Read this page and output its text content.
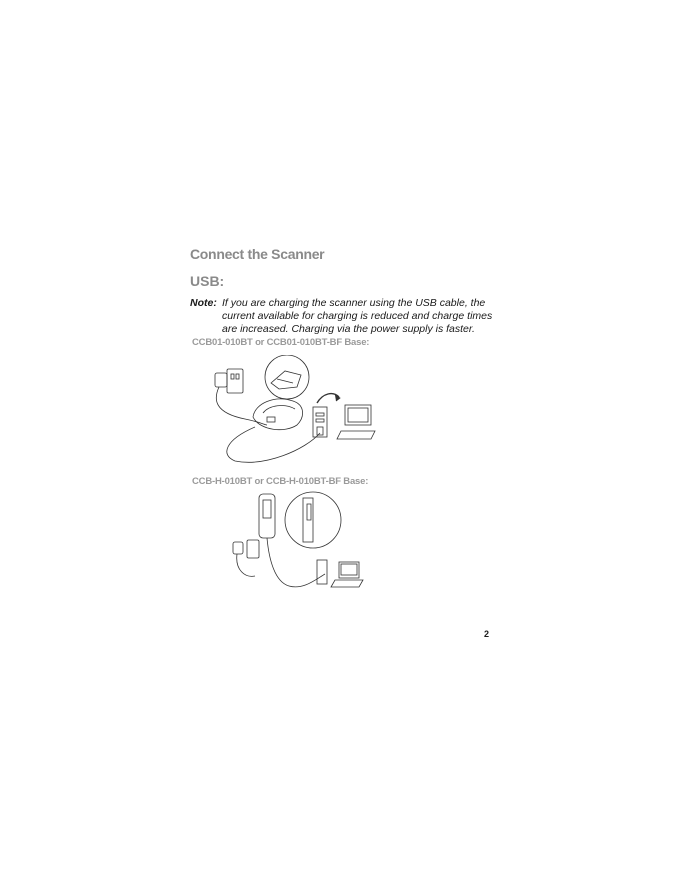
Connect the Scanner
USB:
Note: If you are charging the scanner using the USB cable, the current available for charging is reduced and charge times are increased. Charging via the power supply is faster.
CCB01-010BT or CCB01-010BT-BF Base:
CCB-H-010BT or CCB-H-010BT-BF Base:
2
